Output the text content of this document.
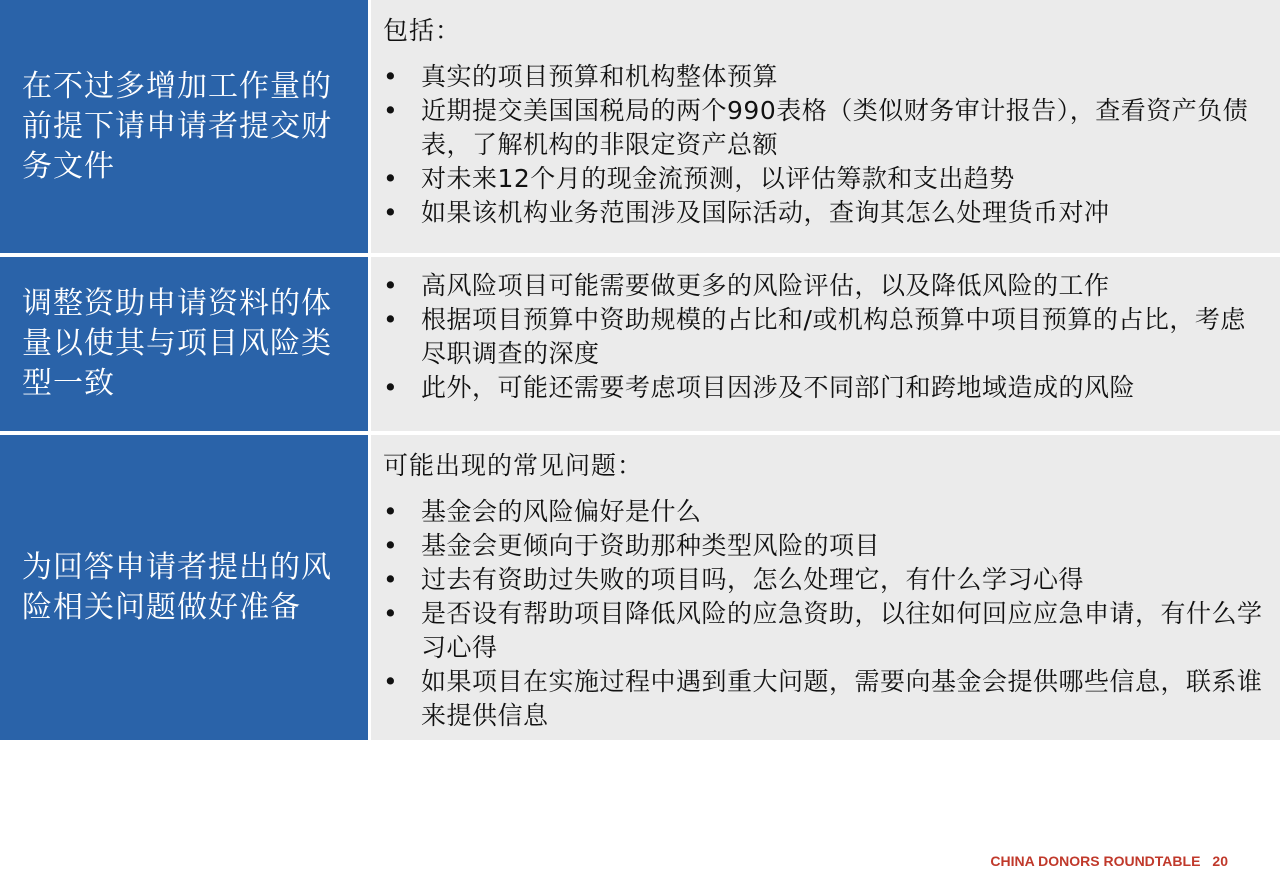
在不过多增加工作量的前提下请申请者提交财务文件
包括：
• 真实的项目预算和机构整体预算
• 近期提交美国国税局的两个990表格（类似财务审计报告），查看资产负债表，了解机构的非限定资产总额
• 对未来12个月的现金流预测，以评估筹款和支出趋势
• 如果该机构业务范围涉及国际活动，查询其怎么处理货币对冲
调整资助申请资料的体量以使其与项目风险类型一致
• 高风险项目可能需要做更多的风险评估，以及降低风险的工作
• 根据项目预算中资助规模的占比和/或机构总预算中项目预算的占比，考虑尽职调查的深度
• 此外，可能还需要考虑项目因涉及不同部门和跨地域造成的风险
为回答申请者提出的风险相关问题做好准备
可能出现的常见问题：
• 基金会的风险偏好是什么
• 基金会更倾向于资助那种类型风险的项目
• 过去有资助过失败的项目吗，怎么处理它，有什么学习心得
• 是否设有帮助项目降低风险的应急资助，以往如何回应应急申请，有什么学习心得
• 如果项目在实施过程中遇到重大问题，需要向基金会提供哪些信息，联系谁来提供信息
CHINA DONORS ROUNDTABLE 20
